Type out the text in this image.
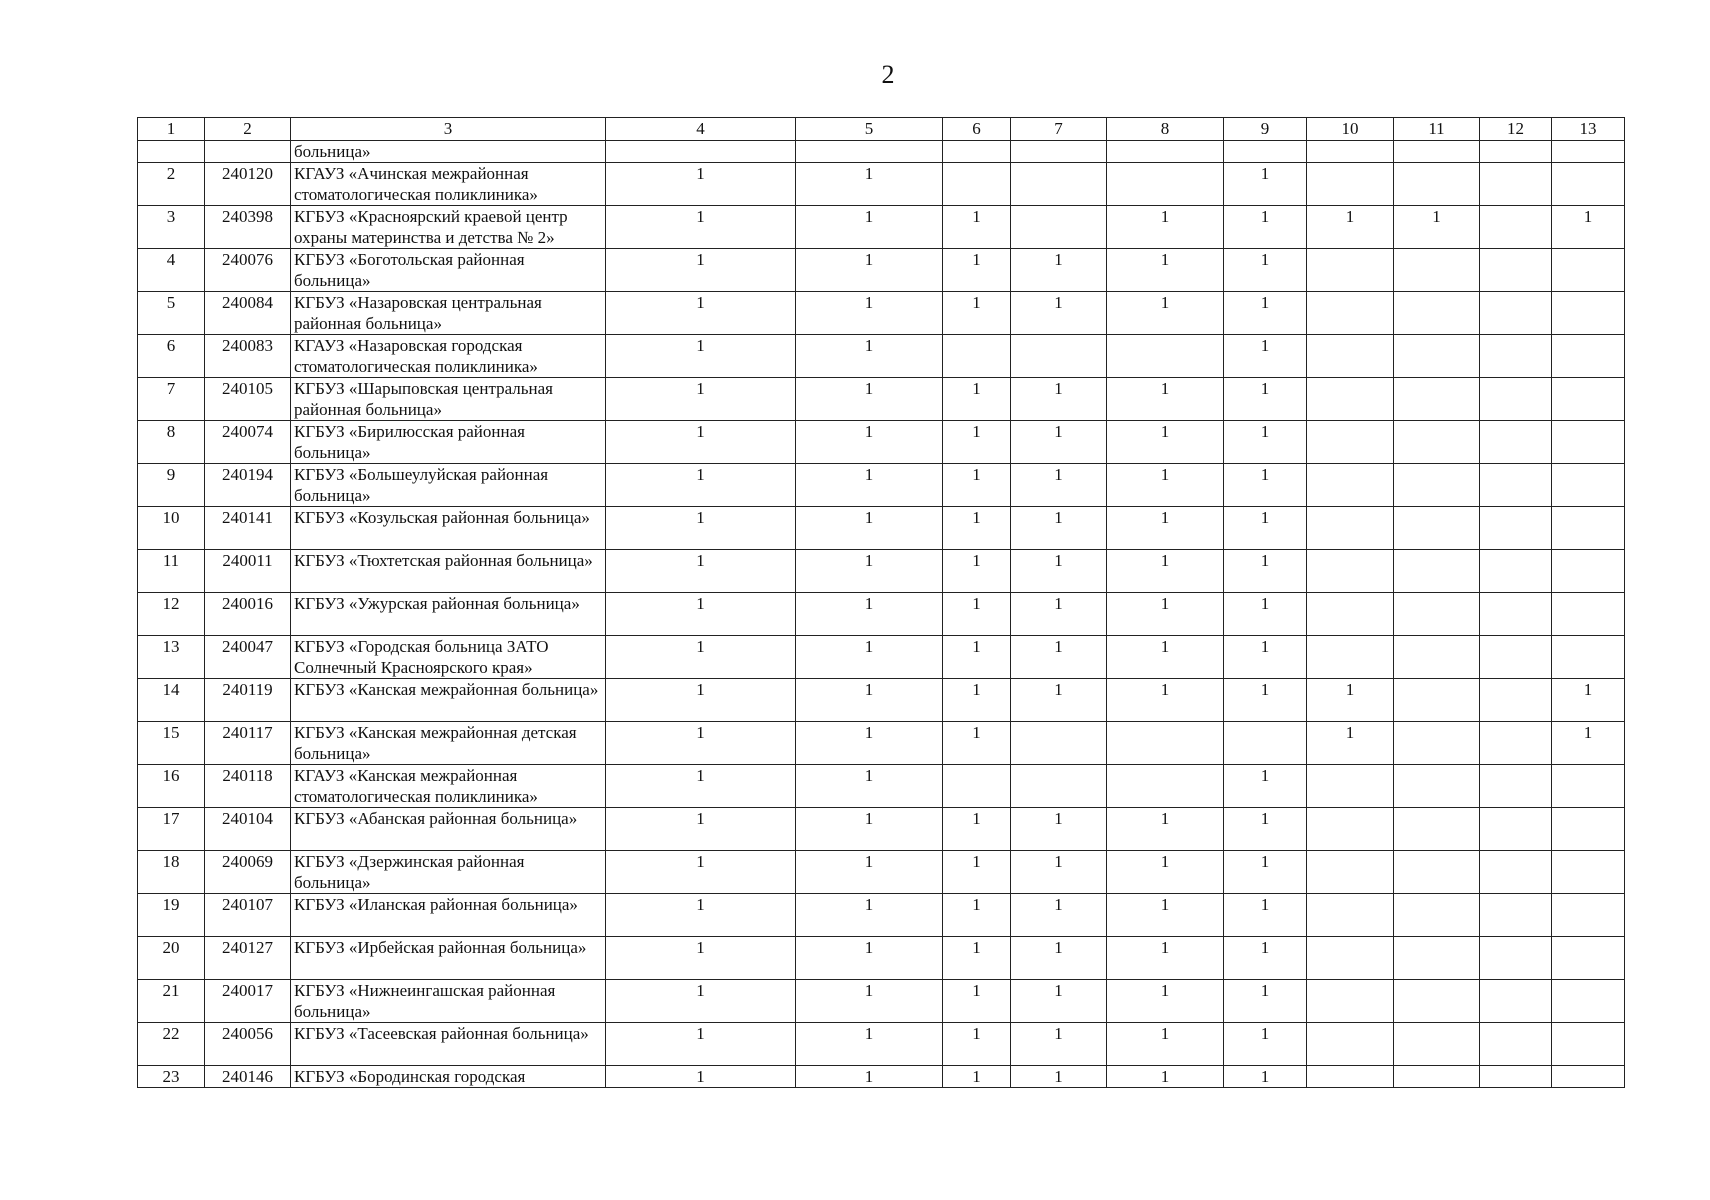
2
1	2	3	4	5	6	7	8	9	10	11	12	13
		больница»										
2	240120	КГАУЗ «Ачинская межрайонная стоматологическая поликлиника»	1	1				1				
3	240398	КГБУЗ «Красноярский краевой центр охраны материнства и детства № 2»	1	1	1		1	1	1	1		1
4	240076	КГБУЗ «Боготольская районная больница»	1	1	1	1	1	1				
5	240084	КГБУЗ «Назаровская центральная районная больница»	1	1	1	1	1	1				
6	240083	КГАУЗ «Назаровская городская стоматологическая поликлиника»	1	1				1				
7	240105	КГБУЗ «Шарыповская центральная районная больница»	1	1	1	1	1	1				
8	240074	КГБУЗ «Бирилюсская районная больница»	1	1	1	1	1	1				
9	240194	КГБУЗ «Большеулуйская районная больница»	1	1	1	1	1	1				
10	240141	КГБУЗ «Козульская районная больница»	1	1	1	1	1	1				
11	240011	КГБУЗ «Тюхтетская районная больница»	1	1	1	1	1	1				
12	240016	КГБУЗ «Ужурская районная больница»	1	1	1	1	1	1				
13	240047	КГБУЗ «Городская больница ЗАТО Солнечный Красноярского края»	1	1	1	1	1	1				
14	240119	КГБУЗ «Канская межрайонная больница»	1	1	1	1	1	1	1			1
15	240117	КГБУЗ «Канская межрайонная детская больница»	1	1	1				1			1
16	240118	КГАУЗ «Канская межрайонная стоматологическая поликлиника»	1	1				1				
17	240104	КГБУЗ «Абанская районная больница»	1	1	1	1	1	1				
18	240069	КГБУЗ «Дзержинская районная больница»	1	1	1	1	1	1				
19	240107	КГБУЗ «Иланская районная больница»	1	1	1	1	1	1				
20	240127	КГБУЗ «Ирбейская районная больница»	1	1	1	1	1	1				
21	240017	КГБУЗ «Нижнеингашская районная больница»	1	1	1	1	1	1				
22	240056	КГБУЗ «Тасеевская районная больница»	1	1	1	1	1	1				
23	240146	КГБУЗ «Бородинская городская	1	1	1	1	1	1				
